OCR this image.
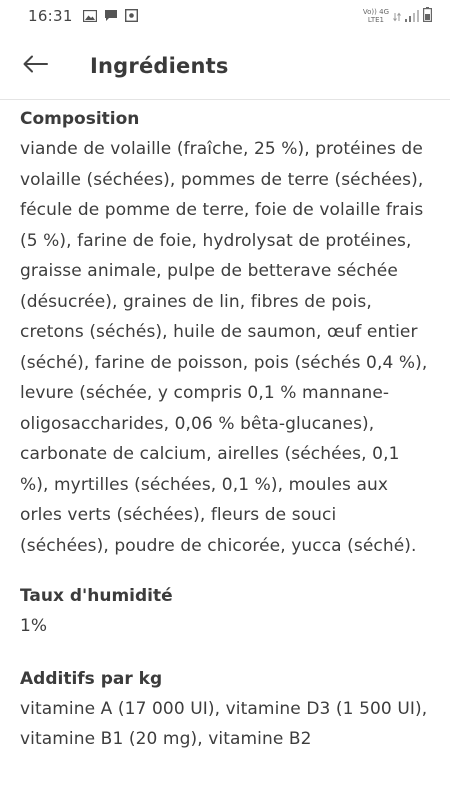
16:31	Vo)) 4G
LTE1
Ingrédients
Composition
viande de volaille (fraîche, 25 %), protéines de volaille (séchées), pommes de terre (séchées), fécule de pomme de terre, foie de volaille frais (5 %), farine de foie, hydrolysat de protéines, graisse animale, pulpe de betterave séchée (désucrée), graines de lin, fibres de pois, cretons (séchés), huile de saumon, œuf entier (séché), farine de poisson, pois (séchés 0,4 %), levure (séchée, y compris 0,1 % mannane-oligosaccharides, 0,06 % bêta-glucanes), carbonate de calcium, airelles (séchées, 0,1 %), myrtilles (séchées, 0,1 %), moules aux orles verts (séchées), fleurs de souci (séchées), poudre de chicorée, yucca (séché).
Taux d'humidité
1%
Additifs par kg
vitamine A (17 000 UI), vitamine D3 (1 500 UI), vitamine B1 (20 mg), vitamine B2
